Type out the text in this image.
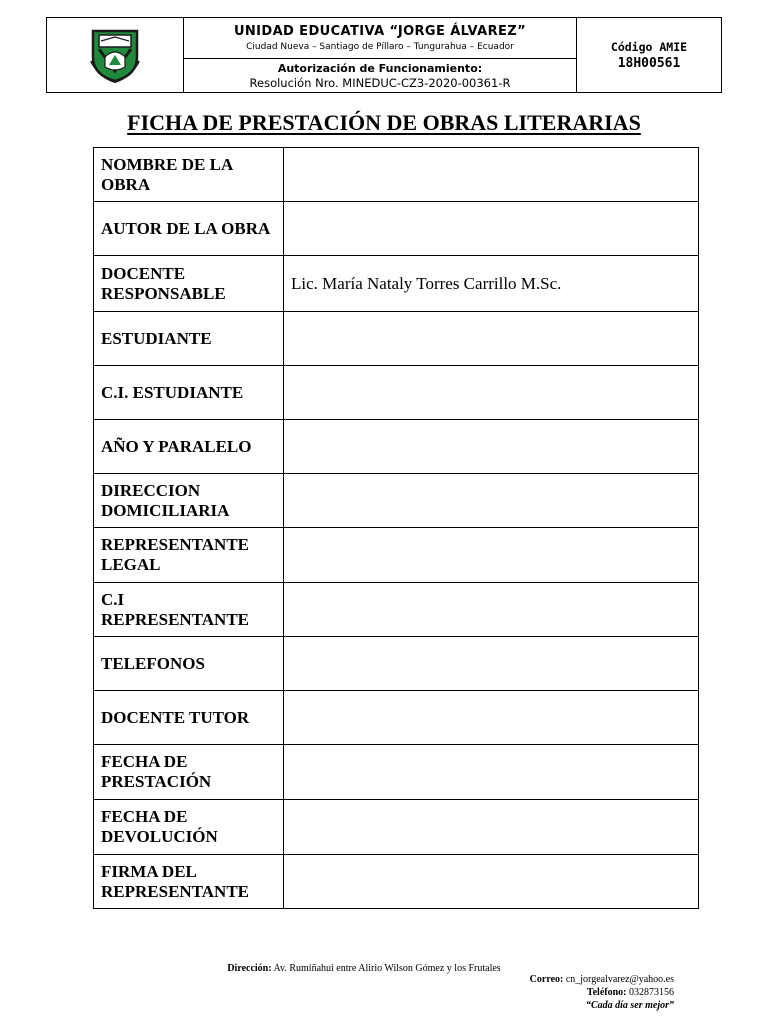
UNIDAD EDUCATIVA “JORGE ÁLVAREZ”
Ciudad Nueva – Santiago de Píllaro – Tungurahua – Ecuador
Autorización de Funcionamiento:
Resolución Nro. MINEDUC-CZ3-2020-00361-R
Código AMIE
18H00561
FICHA DE PRESTACIÓN DE OBRAS LITERARIAS
NOMBRE DE LA OBRA	
AUTOR DE LA OBRA	
DOCENTE RESPONSABLE	Lic. María Nataly Torres Carrillo M.Sc.
ESTUDIANTE	
C.I. ESTUDIANTE	
AÑO Y PARALELO	
DIRECCION DOMICILIARIA	
REPRESENTANTE LEGAL	
C.I REPRESENTANTE	
TELEFONOS	
DOCENTE TUTOR	
FECHA DE PRESTACIÓN	
FECHA DE DEVOLUCIÓN	
FIRMA DEL REPRESENTANTE	
Dirección: Av. Rumiñahui entre Alirio Wilson Gómez y los Frutales
Correo: cn_jorgealvarez@yahoo.es
Teléfono: 032873156
“Cada día ser mejor”
